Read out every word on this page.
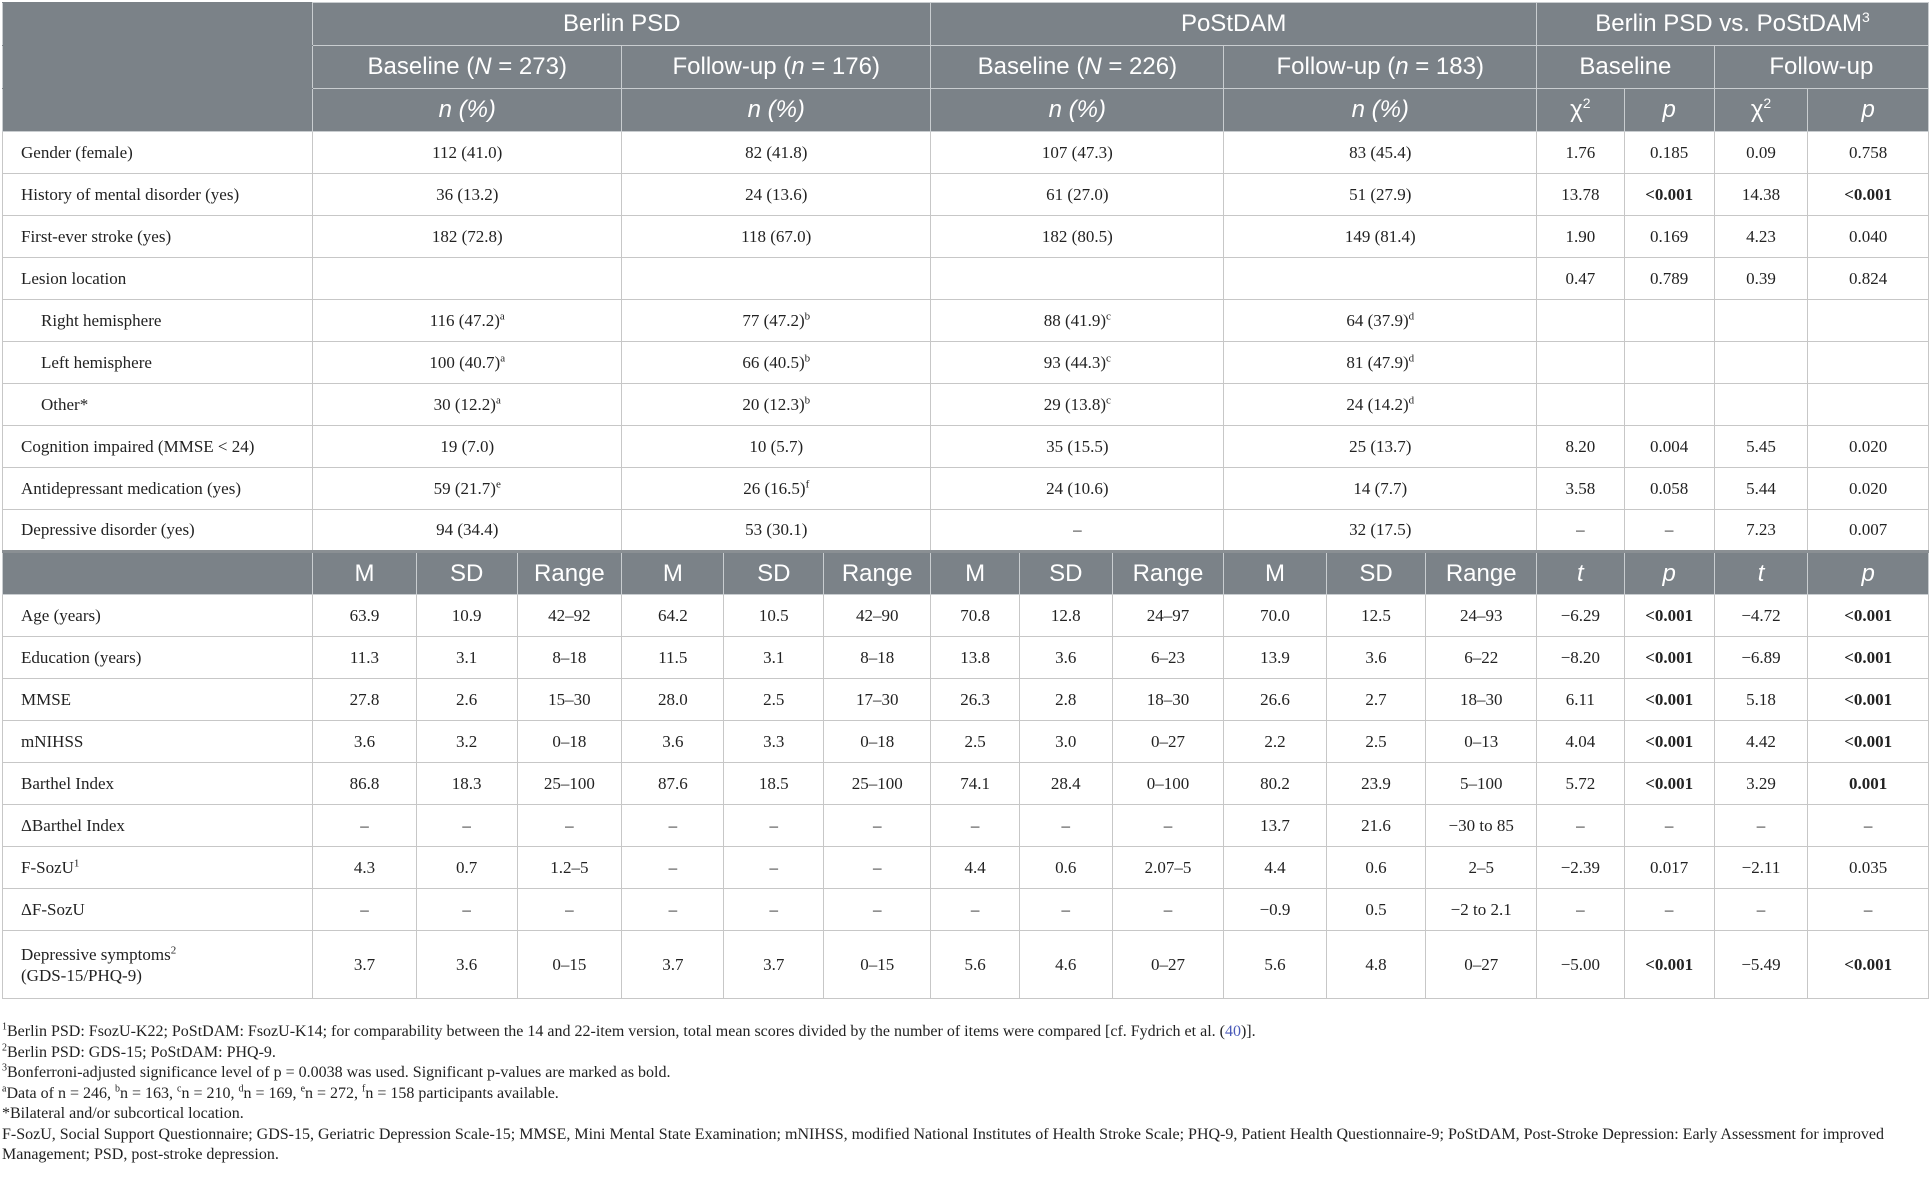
	Berlin PSD						PoStDAM						Berlin PSD vs. PoStDAM$^3$
	Baseline (N = 273)			Follow-up (n = 176)			Baseline (N = 226)			Follow-up (n = 183)			Baseline		Follow-up	
	n (%)			n (%)			n (%)			n (%)			$\chi^2$	p	$\chi^2$	p
Gender (female)	112 (41.0)			82 (41.8)			107 (47.3)			83 (45.4)			1.76	0.185	0.09	0.758
History of mental disorder (yes)	36 (13.2)			24 (13.6)			61 (27.0)			51 (27.9)			13.78	<0.001	14.38	<0.001
First-ever stroke (yes)	182 (72.8)			118 (67.0)			182 (80.5)			149 (81.4)			1.90	0.169	4.23	0.040
Lesion location													0.47	0.789	0.39	0.824
Right hemisphere	116 $(47.2)^a$			77 $(47.2)^b$			88 $(41.9)^c$			64 $(37.9)^d$				
Left hemisphere	100 $(40.7)^a$			66 $(40.5)^b$			93 $(44.3)^c$			81 $(47.9)^d$				
Other*	30 $(12.2)^a$			20 $(12.3)^b$			29 $(13.8)^c$			24 $(14.2)^d$				
Cognition impaired (MMSE < 24)	19 (7.0)			10 (5.7)			35 (15.5)			25 (13.7)			8.20	0.004	5.45	0.020
Antidepressant medication (yes)	59 $(21.7)^e$			26 $(16.5)^f$			24 (10.6)			14 (7.7)			3.58	0.058	5.44	0.020
Depressive disorder (yes)	94 (34.4)			53 (30.1)			–			32 (17.5)			–	–	7.23	0.007
	M	SD	Range	M	SD	Range	M	SD	Range	M	SD	Range	t	p	t	p
Age (years)	63.9	10.9	42–92	64.2	10.5	42–90	70.8	12.8	24–97	70.0	12.5	24–93	−6.29	<0.001	−4.72	<0.001
Education (years)	11.3	3.1	8–18	11.5	3.1	8–18	13.8	3.6	6–23	13.9	3.6	6–22	−8.20	<0.001	−6.89	<0.001
MMSE	27.8	2.6	15–30	28.0	2.5	17–30	26.3	2.8	18–30	26.6	2.7	18–30	6.11	<0.001	5.18	<0.001
mNIHSS	3.6	3.2	0–18	3.6	3.3	0–18	2.5	3.0	0–27	2.2	2.5	0–13	4.04	<0.001	4.42	<0.001
Barthel Index	86.8	18.3	25–100	87.6	18.5	25–100	74.1	28.4	0–100	80.2	23.9	5–100	5.72	<0.001	3.29	0.001
ΔBarthel Index	–	–	–	–	–	–	–	–	–	13.7	21.6	−30 to 85	–	–	–	–
F-SozU$^1$	4.3	0.7	1.2–5	–	–	–	4.4	0.6	2.07–5	4.4	0.6	2–5	−2.39	0.017	−2.11	0.035
ΔF-SozU	–	–	–	–	–	–	–	–	–	−0.9	0.5	−2 to 2.1	–	–	–	–
Depressive symptoms$^2$
(GDS-15/PHQ-9)	3.7	3.6	0–15	3.7	3.7	0–15	5.6	4.6	0–27	5.6	4.8	0–27	−5.00	<0.001	−5.49	<0.001
$^1$Berlin PSD: FsozU-K22; PoStDAM: FsozU-K14; for comparability between the 14 and 22-item version, total mean scores divided by the number of items were compared [cf. Fydrich et al. (40)].
$^2$Berlin PSD: GDS-15; PoStDAM: PHQ-9.
$^3$Bonferroni-adjusted significance level of p = 0.0038 was used. Significant p-values are marked as bold.
$^a$Data of n = 246, $^b$n = 163, $^c$n = 210, $^d$n = 169, $^e$n = 272, $^f$n = 158 participants available.
*Bilateral and/or subcortical location.
F-SozU, Social Support Questionnaire; GDS-15, Geriatric Depression Scale-15; MMSE, Mini Mental State Examination; mNIHSS, modified National Institutes of Health Stroke Scale; PHQ-9, Patient Health Questionnaire-9; PoStDAM, Post-Stroke Depression: Early Assessment for improved Management; PSD, post-stroke depression.
